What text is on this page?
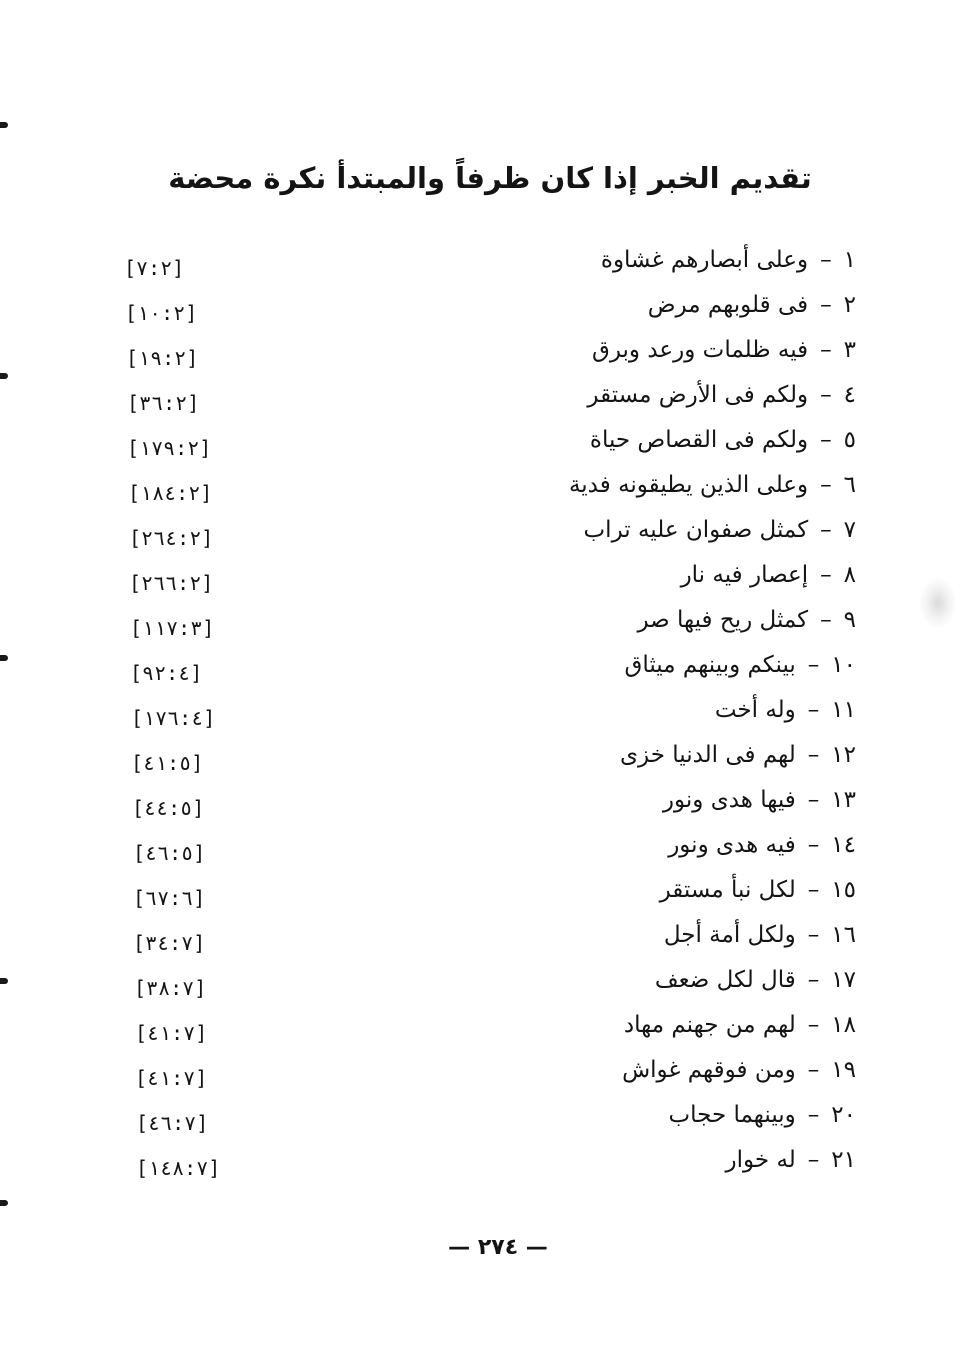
تقديم الخبر إذا كان ظرفاً والمبتدأ نكرة محضة
١–وعلى أبصارهم غشاوة
[٧:٢]
٢–فى قلوبهم مرض
[١٠:٢]
٣–فيه ظلمات ورعد وبرق
[١٩:٢]
٤–ولكم فى الأرض مستقر
[٣٦:٢]
٥–ولكم فى القصاص حياة
[١٧٩:٢]
٦–وعلى الذين يطيقونه فدية
[١٨٤:٢]
٧–كمثل صفوان عليه تراب
[٢٦٤:٢]
٨–إعصار فيه نار
[٢٦٦:٢]
٩–كمثل ريح فيها صر
[١١٧:٣]
١٠–بينكم وبينهم ميثاق
[٩٢:٤]
١١–وله أخت
[١٧٦:٤]
١٢–لهم فى الدنيا خزى
[٤١:٥]
١٣–فيها هدى ونور
[٤٤:٥]
١٤–فيه هدى ونور
[٤٦:٥]
١٥–لكل نبأ مستقر
[٦٧:٦]
١٦–ولكل أمة أجل
[٣٤:٧]
١٧–قال لكل ضعف
[٣٨:٧]
١٨–لهم من جهنم مهاد
[٤١:٧]
١٩–ومن فوقهم غواش
[٤١:٧]
٢٠–وبينهما حجاب
[٤٦:٧]
٢١–له خوار
[١٤٨:٧]
— ٢٧٤ —
